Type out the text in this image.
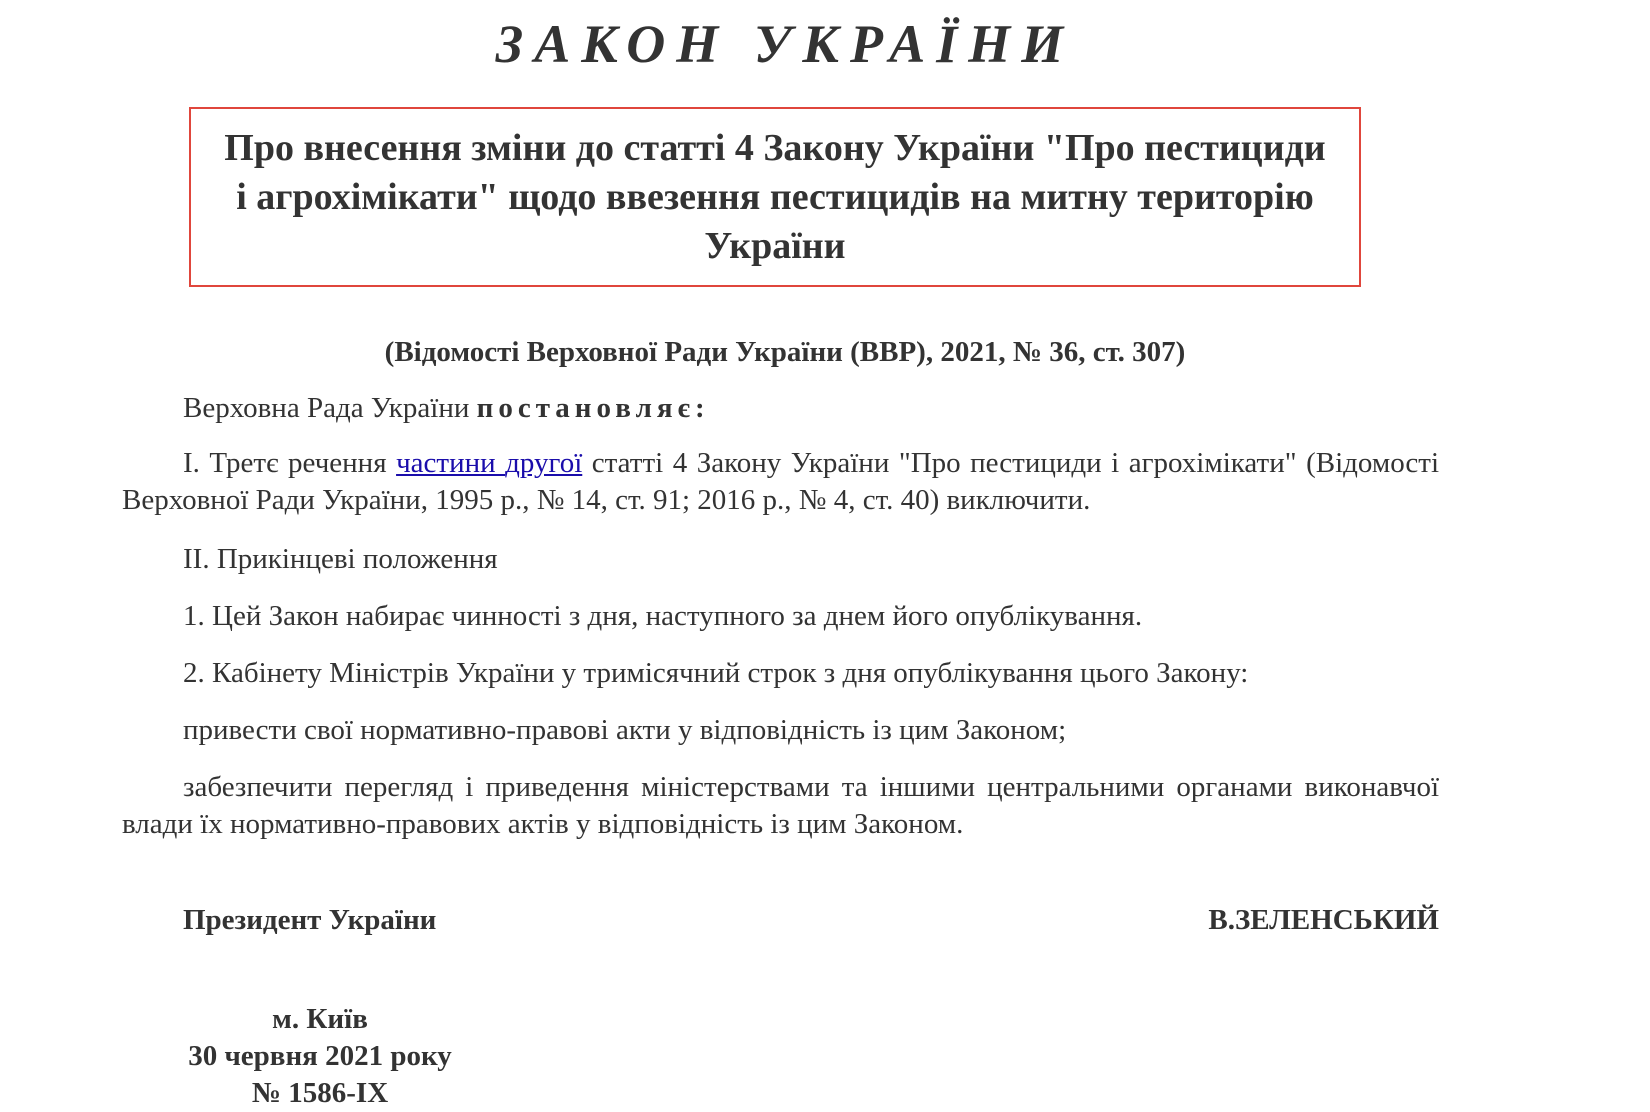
ЗАКОН УКРАЇНИ
Про внесення зміни до статті 4 Закону України "Про пестициди і агрохімікати" щодо ввезення пестицидів на митну територію України
(Відомості Верховної Ради України (ВВР), 2021, № 36, ст. 307)
Верховна Рада України постановляє:
I. Третє речення частини другої статті 4 Закону України "Про пестициди і агрохімікати" (Відомості Верховної Ради України, 1995 р., № 14, ст. 91; 2016 р., № 4, ст. 40) виключити.
II. Прикінцеві положення
1. Цей Закон набирає чинності з дня, наступного за днем його опублікування.
2. Кабінету Міністрів України у тримісячний строк з дня опублікування цього Закону:
привести свої нормативно-правові акти у відповідність із цим Законом;
забезпечити перегляд і приведення міністерствами та іншими центральними органами виконавчої влади їх нормативно-правових актів у відповідність із цим Законом.
Президент України	В.ЗЕЛЕНСЬКИЙ
м. Київ
30 червня 2021 року
№ 1586-IX
